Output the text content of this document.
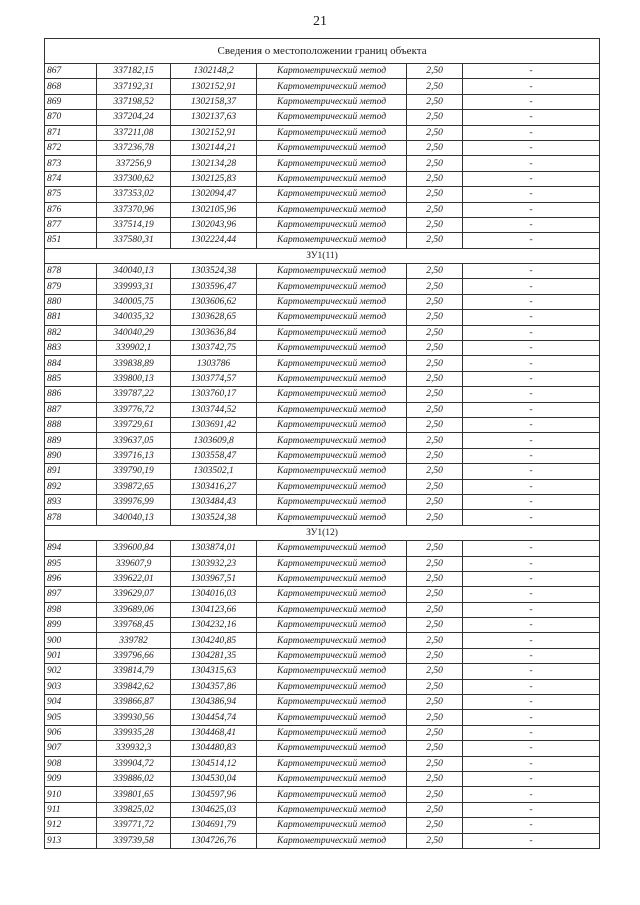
21
Сведения о местоположении границ объекта					
867	337182,15	1302148,2	Картометрический метод	2,50	-
868	337192,31	1302152,91	Картометрический метод	2,50	-
869	337198,52	1302158,37	Картометрический метод	2,50	-
870	337204,24	1302137,63	Картометрический метод	2,50	-
871	337211,08	1302152,91	Картометрический метод	2,50	-
872	337236,78	1302144,21	Картометрический метод	2,50	-
873	337256,9	1302134,28	Картометрический метод	2,50	-
874	337300,62	1302125,83	Картометрический метод	2,50	-
875	337353,02	1302094,47	Картометрический метод	2,50	-
876	337370,96	1302105,96	Картометрический метод	2,50	-
877	337514,19	1302043,96	Картометрический метод	2,50	-
851	337580,31	1302224,44	Картометрический метод	2,50	-
ЗУ1(11)					
878	340040,13	1303524,38	Картометрический метод	2,50	-
879	339993,31	1303596,47	Картометрический метод	2,50	-
880	340005,75	1303606,62	Картометрический метод	2,50	-
881	340035,32	1303628,65	Картометрический метод	2,50	-
882	340040,29	1303636,84	Картометрический метод	2,50	-
883	339902,1	1303742,75	Картометрический метод	2,50	-
884	339838,89	1303786	Картометрический метод	2,50	-
885	339800,13	1303774,57	Картометрический метод	2,50	-
886	339787,22	1303760,17	Картометрический метод	2,50	-
887	339776,72	1303744,52	Картометрический метод	2,50	-
888	339729,61	1303691,42	Картометрический метод	2,50	-
889	339637,05	1303609,8	Картометрический метод	2,50	-
890	339716,13	1303558,47	Картометрический метод	2,50	-
891	339790,19	1303502,1	Картометрический метод	2,50	-
892	339872,65	1303416,27	Картометрический метод	2,50	-
893	339976,99	1303484,43	Картометрический метод	2,50	-
878	340040,13	1303524,38	Картометрический метод	2,50	-
ЗУ1(12)					
894	339600,84	1303874,01	Картометрический метод	2,50	-
895	339607,9	1303932,23	Картометрический метод	2,50	-
896	339622,01	1303967,51	Картометрический метод	2,50	-
897	339629,07	1304016,03	Картометрический метод	2,50	-
898	339689,06	1304123,66	Картометрический метод	2,50	-
899	339768,45	1304232,16	Картометрический метод	2,50	-
900	339782	1304240,85	Картометрический метод	2,50	-
901	339796,66	1304281,35	Картометрический метод	2,50	-
902	339814,79	1304315,63	Картометрический метод	2,50	-
903	339842,62	1304357,86	Картометрический метод	2,50	-
904	339866,87	1304386,94	Картометрический метод	2,50	-
905	339930,56	1304454,74	Картометрический метод	2,50	-
906	339935,28	1304468,41	Картометрический метод	2,50	-
907	339932,3	1304480,83	Картометрический метод	2,50	-
908	339904,72	1304514,12	Картометрический метод	2,50	-
909	339886,02	1304530,04	Картометрический метод	2,50	-
910	339801,65	1304597,96	Картометрический метод	2,50	-
911	339825,02	1304625,03	Картометрический метод	2,50	-
912	339771,72	1304691,79	Картометрический метод	2,50	-
913	339739,58	1304726,76	Картометрический метод	2,50	-
